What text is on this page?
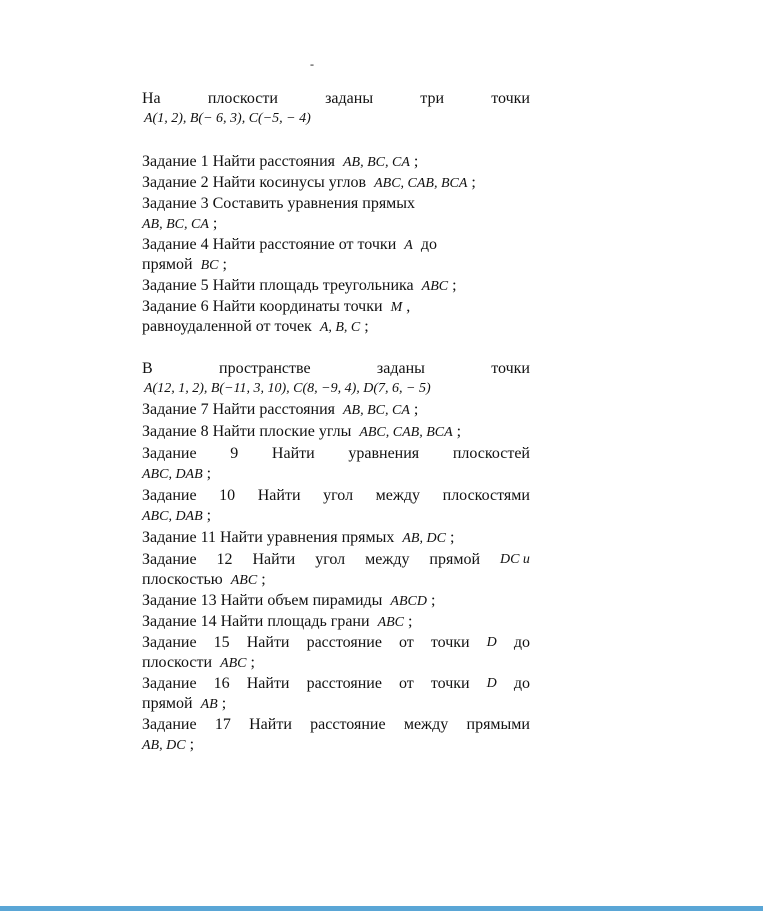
-
На	плоскости	заданы	три	точки
A(1, 2), B(− 6, 3), C(−5, − 4)
Задание 1 Найти расстояния AB, BC, CA ;
Задание 2 Найти косинусы углов ABC, CAB, BCA ;
Задание 3 Составить уравнения прямых
AB, BC, CA ;
Задание 4 Найти расстояние от точки A до
прямой BC ;
Задание 5 Найти площадь треугольника ABC ;
Задание 6 Найти координаты точки M ,
равноудаленной от точек A, B, C ;
В	пространстве	заданы	точки
A(12, 1, 2), B(−11, 3, 10), C(8, −9, 4), D(7, 6, − 5)
Задание 7 Найти расстояния AB, BC, CA ;
Задание 8 Найти плоские углы ABC, CAB, BCA ;
Задание 9 Найти уравнения плоскостей
ABC, DAB ;
Задание 10 Найти угол между плоскостями
ABC, DAB ;
Задание 11 Найти уравнения прямых AB, DC ;
Задание 12 Найти угол между прямой DC и
плоскостью ABC ;
Задание 13 Найти объем пирамиды ABCD ;
Задание 14 Найти площадь грани ABC ;
Задание 15 Найти расстояние от точки D до
плоскости ABC ;
Задание 16 Найти расстояние от точки D до
прямой AB ;
Задание 17 Найти расстояние между прямыми
AB, DC ;
